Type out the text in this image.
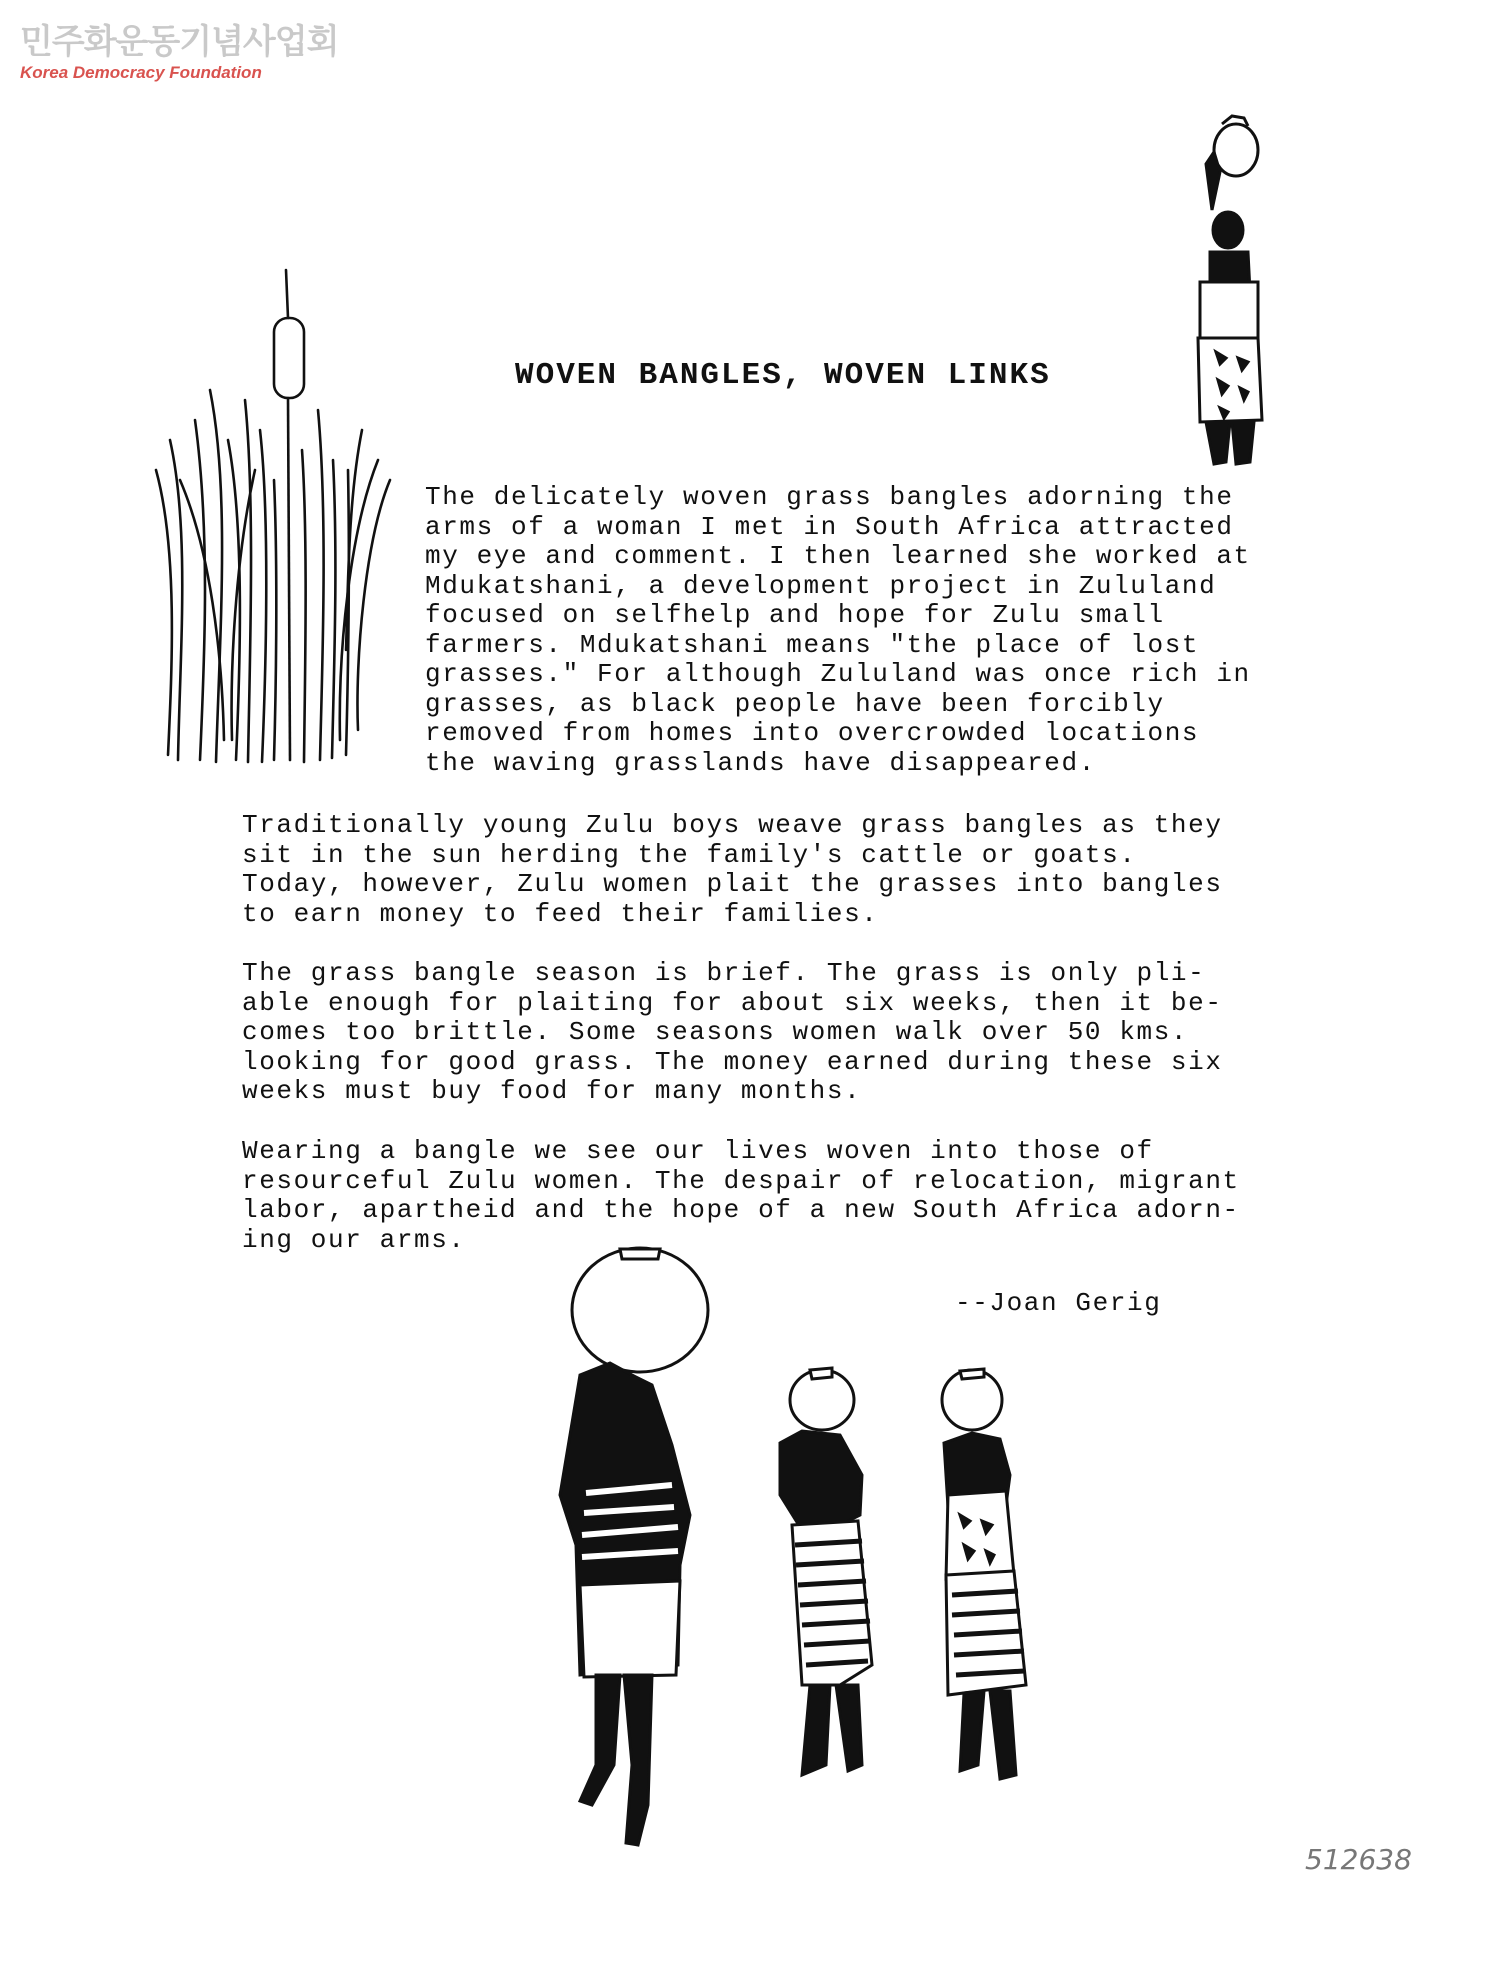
민주화운동기념사업회
Korea Democracy Foundation
WOVEN BANGLES, WOVEN LINKS
The delicately woven grass bangles adorning the
arms of a woman I met in South Africa attracted
my eye and comment. I then learned she worked at
Mdukatshani, a development project in Zululand
focused on selfhelp and hope for Zulu small
farmers. Mdukatshani means "the place of lost
grasses." For although Zululand was once rich in
grasses, as black people have been forcibly
removed from homes into overcrowded locations
the waving grasslands have disappeared.
Traditionally young Zulu boys weave grass bangles as they
sit in the sun herding the family's cattle or goats.
Today, however, Zulu women plait the grasses into bangles
to earn money to feed their families.
The grass bangle season is brief. The grass is only pli-
able enough for plaiting for about six weeks, then it be-
comes too brittle. Some seasons women walk over 50 kms.
looking for good grass. The money earned during these six
weeks must buy food for many months.
Wearing a bangle we see our lives woven into those of
resourceful Zulu women. The despair of relocation, migrant
labor, apartheid and the hope of a new South Africa adorn-
ing our arms.
--Joan Gerig
512638
